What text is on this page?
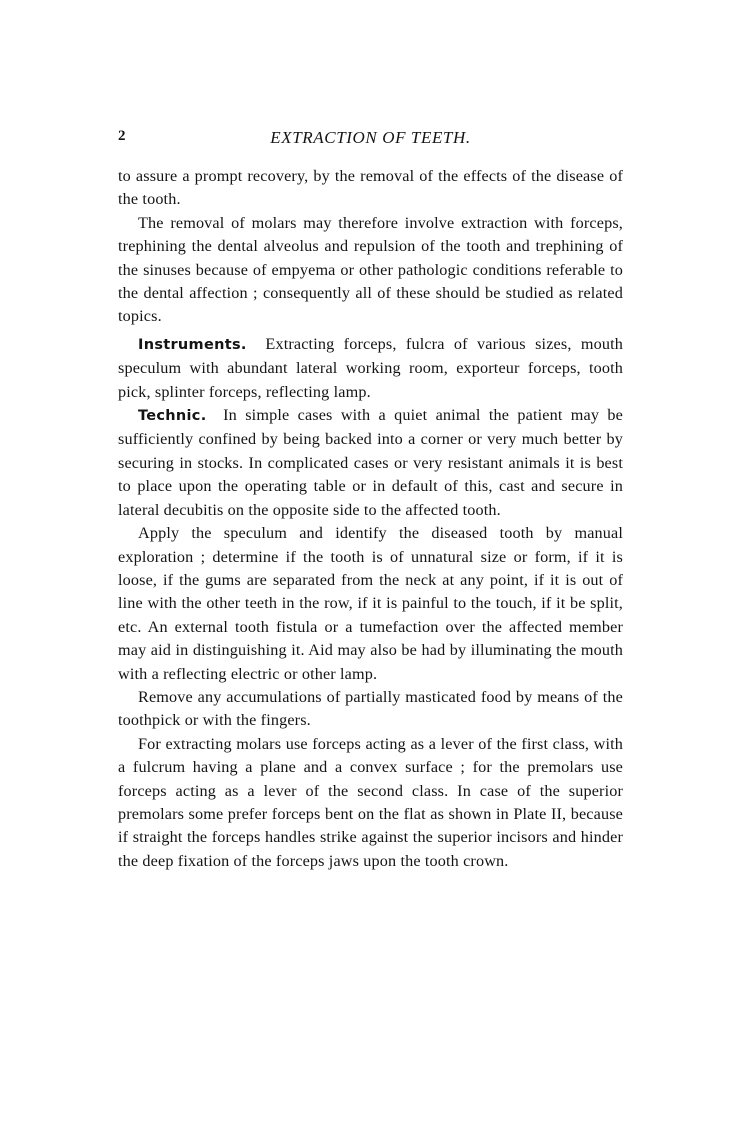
2	EXTRACTION OF TEETH.

to assure a prompt recovery, by the removal of the effects of the disease of the tooth.

The removal of molars may therefore involve extraction with forceps, trephining the dental alveolus and repulsion of the tooth and trephining of the sinuses because of empyema or other pathologic conditions referable to the dental affection ; consequently all of these should be studied as related topics.

Instruments. Extracting forceps, fulcra of various sizes, mouth speculum with abundant lateral working room, exporteur forceps, tooth pick, splinter forceps, reflecting lamp.

Technic. In simple cases with a quiet animal the patient may be sufficiently confined by being backed into a corner or very much better by securing in stocks. In complicated cases or very resistant animals it is best to place upon the operating table or in default of this, cast and secure in lateral decubitis on the opposite side to the affected tooth.

Apply the speculum and identify the diseased tooth by manual exploration ; determine if the tooth is of unnatural size or form, if it is loose, if the gums are separated from the neck at any point, if it is out of line with the other teeth in the row, if it is painful to the touch, if it be split, etc. An external tooth fistula or a tumefaction over the affected member may aid in distinguishing it. Aid may also be had by illuminating the mouth with a reflecting electric or other lamp.

Remove any accumulations of partially masticated food by means of the toothpick or with the fingers.

For extracting molars use forceps acting as a lever of the first class, with a fulcrum having a plane and a convex surface ; for the premolars use forceps acting as a lever of the second class. In case of the superior premolars some prefer forceps bent on the flat as shown in Plate II, because if straight the forceps handles strike against the superior incisors and hinder the deep fixation of the forceps jaws upon the tooth crown.
